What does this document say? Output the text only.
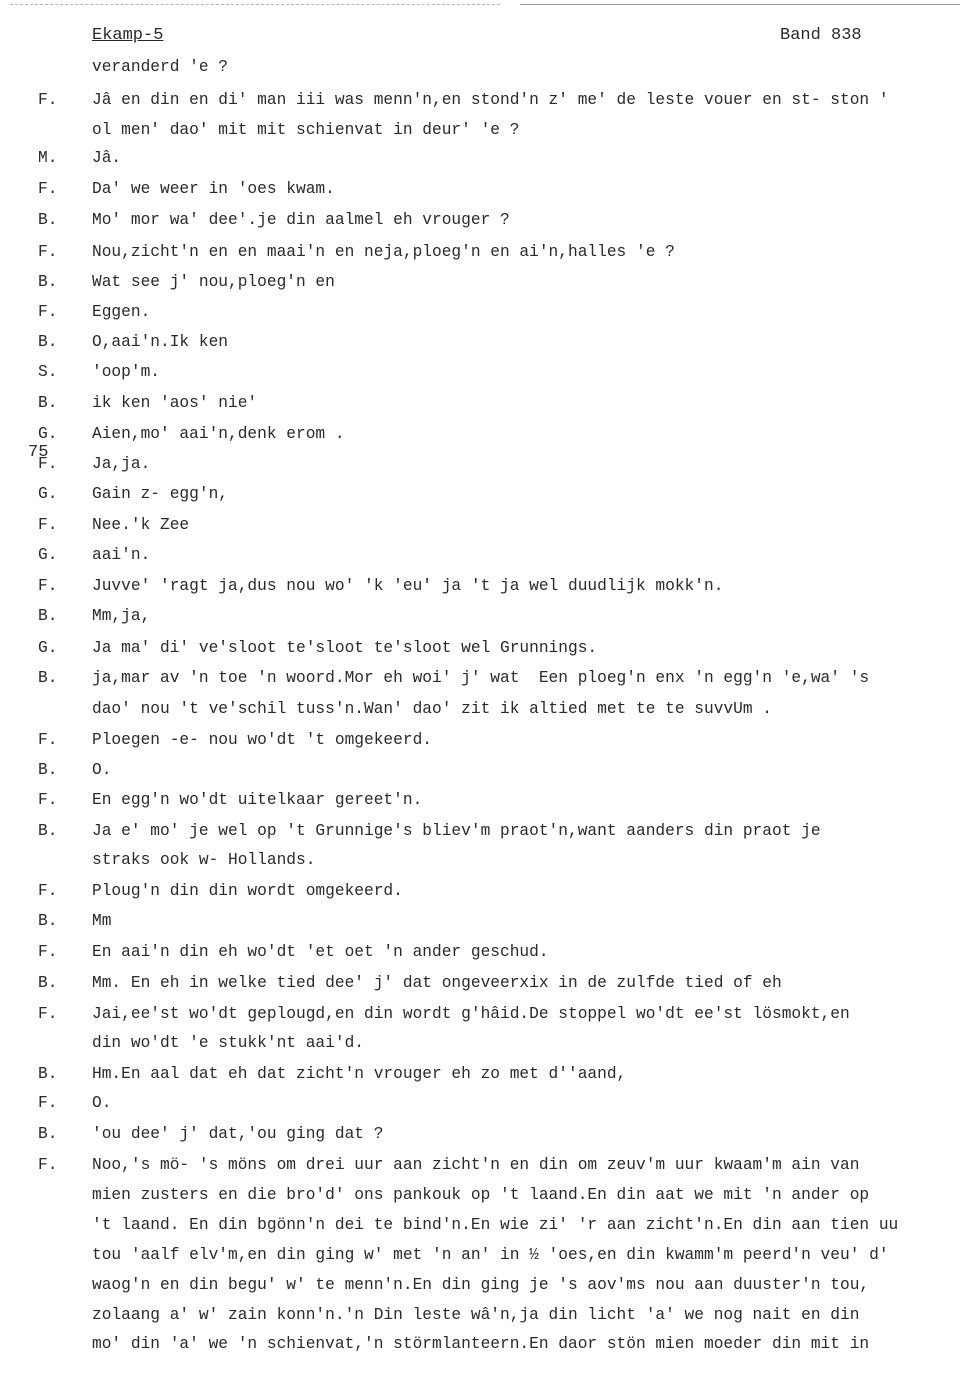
Ekamp-5	Band 838
75
veranderd 'e ?
F. Jâ en din en di' man iii was menn'n,en stond'n z' me' de leste vouer en st- ston '
ol men' dao' mit mit schienvat in deur' 'e ?
M. Jâ.
F. Da' we weer in 'oes kwam.
B. Mo' mor wa' dee'.je din aalmel eh vrouger ?
F. Nou,zicht'n en en maai'n en neja,ploeg'n en ai'n,halles 'e ?
B. Wat see j' nou,ploeg'n en
F. Eggen.
B. O,aai'n.Ik ken
S. 'oop'm.
B. ik ken 'aos' nie'
G. Aien,mo' aai'n,denk erom .
F. Ja,ja.
G. Gain z- egg'n,
F. Nee.'k Zee
G. aai'n.
F. Juvve' 'ragt ja,dus nou wo' 'k 'eu' ja 't ja wel duudlijk mokk'n.
B. Mm,ja,
G. Ja ma' di' ve'sloot te'sloot te'sloot wel Grunnings.
B. ja,mar av 'n toe 'n woord.Mor eh woi' j' wat  Een ploeg'n enx 'n egg'n 'e,wa' 's
dao' nou 't ve'schil tuss'n.Wan' dao' zit ik altied met te te suvvUm .
F. Ploegen -e- nou wo'dt 't omgekeerd.
B. O.
F. En egg'n wo'dt uitelkaar gereet'n.
B. Ja e' mo' je wel op 't Grunnige's bliev'm praot'n,want aanders din praot je
straks ook w- Hollands.
F. Ploug'n din din wordt omgekeerd.
B. Mm
F. En aai'n din eh wo'dt 'et oet 'n ander geschud.
B. Mm. En eh in welke tied dee' j' dat ongeveerxix in de zulfde tied of eh
F. Jai,ee'st wo'dt geplougd,en din wordt g'hâid.De stoppel wo'dt ee'st lösmokt,en
din wo'dt 'e stukk'nt aai'd.
B. Hm.En aal dat eh dat zicht'n vrouger eh zo met d''aand,
F. O.
B. 'ou dee' j' dat,'ou ging dat ?
F. Noo,'s mö- 's möns om drei uur aan zicht'n en din om zeuv'm uur kwaam'm ain van
mien zusters en die bro'd' ons pankouk op 't laand.En din aat we mit 'n ander op
't laand. En din bgönn'n dei te bind'n.En wie zi' 'r aan zicht'n.En din aan tien uu
tou 'aalf elv'm,en din ging w' met 'n an' in ½ 'oes,en din kwamm'm peerd'n veu' d'
waog'n en din begu' w' te menn'n.En din ging je 's aov'ms nou aan duuster'n tou,
zolaang a' w' zain konn'n.'n Din leste wâ'n,ja din licht 'a' we nog nait en din
mo' din 'a' we 'n schienvat,'n störmlanteern.En daor stön mien moeder din mit in
